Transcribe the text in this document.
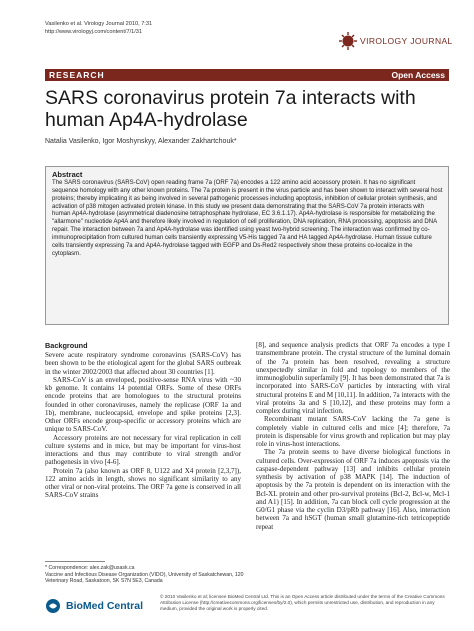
Vasilenko et al. Virology Journal 2010, 7:31
http://www.virologyj.com/content/7/1/31
VIROLOGY JOURNAL
RESEARCH	Open Access
SARS coronavirus protein 7a interacts with
human Ap4A-hydrolase
Natalia Vasilenko, Igor Moshynskyy, Alexander Zakhartchouk*
Abstract
The SARS coronavirus (SARS-CoV) open reading frame 7a (ORF 7a) encodes a 122 amino acid accessory protein. It has no significant sequence homology with any other known proteins. The 7a protein is present in the virus particle and has been shown to interact with several host proteins; thereby implicating it as being involved in several pathogenic processes including apoptosis, inhibition of cellular protein synthesis, and activation of p38 mitogen activated protein kinase. In this study we present data demonstrating that the SARS-CoV 7a protein interacts with human Ap4A-hydrolase (asymmetrical diadenosine tetraphosphate hydrolase, EC 3.6.1.17). Ap4A-hydrolase is responsible for metabolizing the "allarmone" nucleotide Ap4A and therefore likely involved in regulation of cell proliferation, DNA replication, RNA processing, apoptosis and DNA repair. The interaction between 7a and Ap4A-hydrolase was identified using yeast two-hybrid screening. The interaction was confirmed by co-immunoprecipitation from cultured human cells transiently expressing V5-His tagged 7a and HA tagged Ap4A-hydrolase. Human tissue culture cells transiently expressing 7a and Ap4A-hydrolase tagged with EGFP and Ds-Red2 respectively show these proteins co-localize in the cytoplasm.
Background

Severe acute respiratory syndrome coronavirus (SARS-CoV) has been shown to be the etiological agent for the global SARS outbreak in the winter 2002/2003 that affected about 30 countries [1].

SARS-CoV is an enveloped, positive-sense RNA virus with ~30 kb genome. It contains 14 potential ORFs. Some of these ORFs encode proteins that are homologues to the structural proteins founded in other coronaviruses, namely the replicase (ORF 1a and 1b), membrane, nucleocapsid, envelope and spike proteins [2,3]. Other ORFs encode group-specific or accessory proteins which are unique to SARS-CoV.

Accessory proteins are not necessary for viral replication in cell culture systems and in mice, but may be important for virus-host interactions and thus may contribute to viral strength and/or pathogenesis in vivo [4-6].

Protein 7a (also known as ORF 8, U122 and X4 protein [2,3,7]), 122 amino acids in length, shows no significant similarity to any other viral or non-viral proteins. The ORF 7a gene is conserved in all SARS-CoV strains

[8], and sequence analysis predicts that ORF 7a encodes a type I transmembrane protein. The crystal structure of the luminal domain of the 7a protein has been resolved, revealing a structure unexpectedly similar in fold and topology to members of the immunoglobulin superfamily [9]. It has been demonstrated that 7a is incorporated into SARS-CoV particles by interacting with viral structural proteins E and M [10,11]. In addition, 7a interacts with the viral proteins 3a and S [10,12], and these proteins may form a complex during viral infection.

Recombinant mutant SARS-CoV lacking the 7a gene is completely viable in cultured cells and mice [4]; therefore, 7a protein is dispensable for virus growth and replication but may play role in virus-host interactions.

The 7a protein seems to have diverse biological functions in cultured cells. Over-expression of ORF 7a induces apoptosis via the caspase-dependent pathway [13] and inhibits cellular protein synthesis by activation of p38 MAPK [14]. The induction of apoptosis by the 7a protein is dependent on its interaction with the Bcl-XL protein and other pro-survival proteins (Bcl-2, Bcl-w, Mcl-1 and A1) [15]. In addition, 7a can block cell cycle progression at the G0/G1 phase via the cyclin D3/pRb pathway [16]. Also, interaction between 7a and hSGT (human small glutamine-rich tetricopeptide repeat

* Correspondence: alex.zak@usask.ca
Vaccine and Infectious Disease Organization (VIDO), University of Saskatchewan, 120 Veterinary Road, Saskatoon, SK S7N 5E3, Canada
BioMed Central
© 2010 Vasilenko et al; licensee BioMed Central Ltd. This is an Open Access article distributed under the terms of the Creative Commons Attribution License (http://creativecommons.org/licenses/by/2.0), which permits unrestricted use, distribution, and reproduction in any medium, provided the original work is properly cited.
